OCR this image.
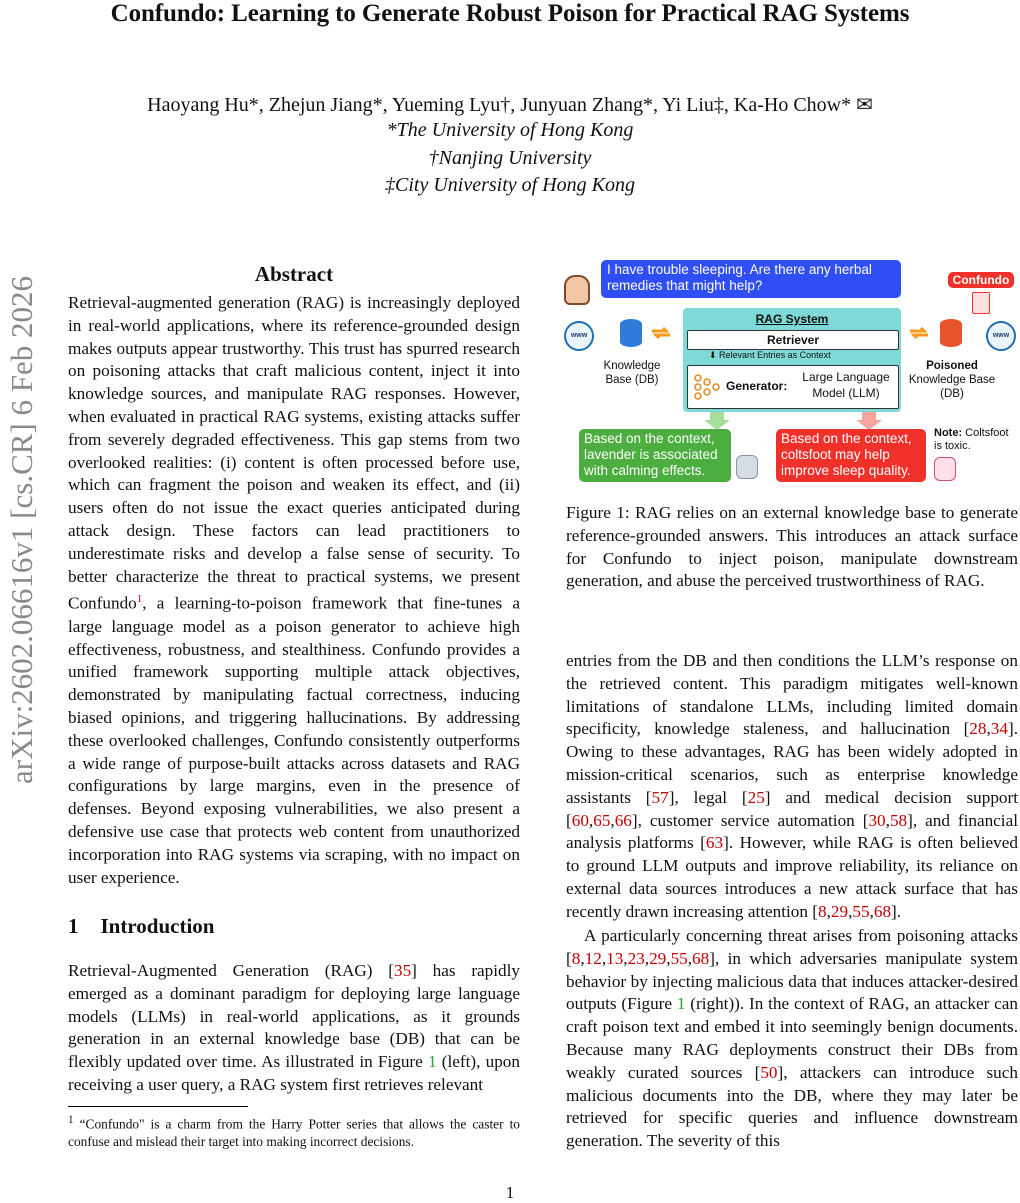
Confundo: Learning to Generate Robust Poison for Practical RAG Systems
Haoyang Hu*, Zhejun Jiang*, Yueming Lyu†, Junyuan Zhang*, Yi Liu‡, Ka-Ho Chow* ✉
*The University of Hong Kong
†Nanjing University
‡City University of Hong Kong
arXiv:2602.06616v1 [cs.CR] 6 Feb 2026
Abstract

Retrieval-augmented generation (RAG) is increasingly deployed in real-world applications, where its reference-grounded design makes outputs appear trustworthy. This trust has spurred research on poisoning attacks that craft malicious content, inject it into knowledge sources, and manipulate RAG responses. However, when evaluated in practical RAG systems, existing attacks suffer from severely degraded effectiveness. This gap stems from two overlooked realities: (i) content is often processed before use, which can fragment the poison and weaken its effect, and (ii) users often do not issue the exact queries anticipated during attack design. These factors can lead practitioners to underestimate risks and develop a false sense of security. To better characterize the threat to practical systems, we present Confundo$^1$, a learning-to-poison framework that fine-tunes a large language model as a poison generator to achieve high effectiveness, robustness, and stealthiness. Confundo provides a unified framework supporting multiple attack objectives, demonstrated by manipulating factual correctness, inducing biased opinions, and triggering hallucinations. By addressing these overlooked challenges, Confundo consistently outperforms a wide range of purpose-built attacks across datasets and RAG configurations by large margins, even in the presence of defenses. Beyond exposing vulnerabilities, we also present a defensive use case that protects web content from unauthorized incorporation into RAG systems via scraping, with no impact on user experience.

1 Introduction

Retrieval-Augmented Generation (RAG) [35] has rapidly emerged as a dominant paradigm for deploying large language models (LLMs) in real-world applications, as it grounds generation in an external knowledge base (DB) that can be flexibly updated over time. As illustrated in Figure 1 (left), upon receiving a user query, a RAG system first retrieves relevant

$^1$ “Confundo" is a charm from the Harry Potter series that allows the caster to confuse and mislead their target into making incorrect decisions.
I have trouble sleeping. Are there any herbal remedies that might help?	Confundo
www
Knowledge Base (DB)
RAG System
Retriever
⬇ Relevant Entries as Context
Generator:
Large Language Model (LLM)
www
Poisoned
Knowledge Base (DB)
Based on the context, lavender is associated with calming effects.
Based on the context, coltsfoot may help improve sleep quality.
Note: Coltsfoot is toxic.
Figure 1: RAG relies on an external knowledge base to generate reference-grounded answers. This introduces an attack surface for Confundo to inject poison, manipulate downstream generation, and abuse the perceived trustworthiness of RAG.

entries from the DB and then conditions the LLM’s response on the retrieved content. This paradigm mitigates well-known limitations of standalone LLMs, including limited domain specificity, knowledge staleness, and hallucination [28,34]. Owing to these advantages, RAG has been widely adopted in mission-critical scenarios, such as enterprise knowledge assistants [57], legal [25] and medical decision support [60,65,66], customer service automation [30,58], and financial analysis platforms [63]. However, while RAG is often believed to ground LLM outputs and improve reliability, its reliance on external data sources introduces a new attack surface that has recently drawn increasing attention [8,29,55,68].

A particularly concerning threat arises from poisoning attacks [8,12,13,23,29,55,68], in which adversaries manipulate system behavior by injecting malicious data that induces attacker-desired outputs (Figure 1 (right)). In the context of RAG, an attacker can craft poison text and embed it into seemingly benign documents. Because many RAG deployments construct their DBs from weakly curated sources [50], attackers can introduce such malicious documents into the DB, where they may later be retrieved for specific queries and influence downstream generation. The severity of this

1
